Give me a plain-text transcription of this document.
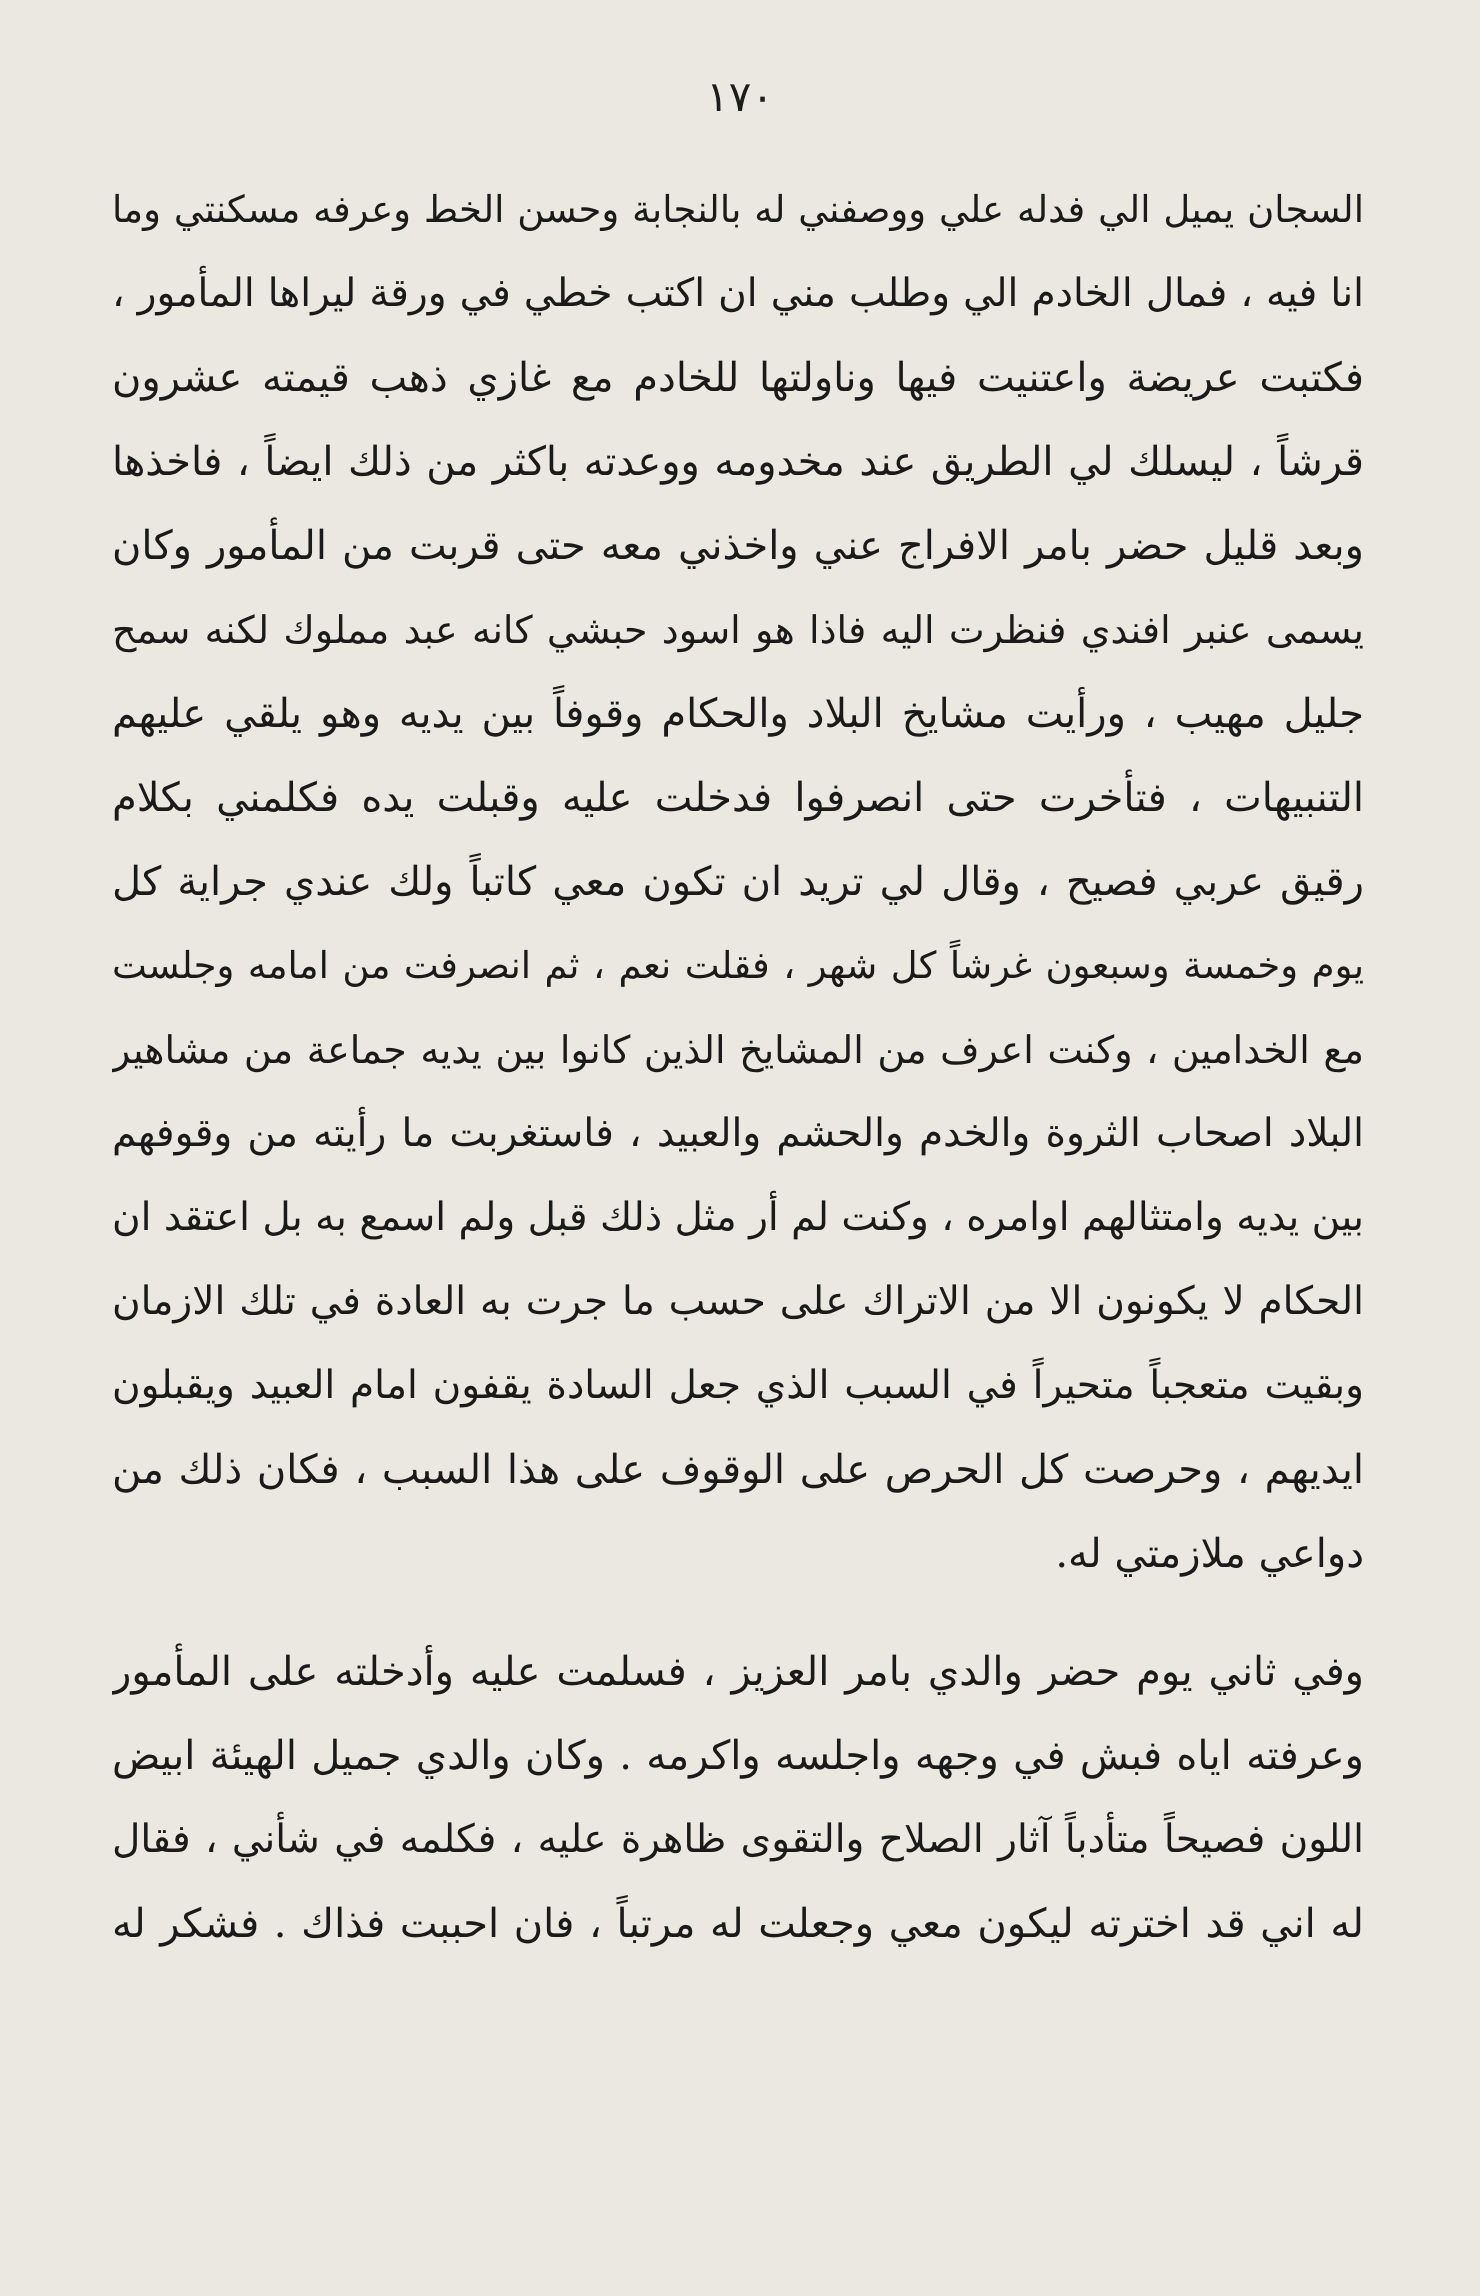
١٧٠
السجان يميل الي فدله علي ووصفني له بالنجابة وحسن الخط وعرفه مسكنتي وما
انا فيه ، فمال الخادم الي وطلب مني ان اكتب خطي في ورقة ليراها المأمور ،
فكتبت عريضة واعتنيت فيها وناولتها للخادم مع غازي ذهب قيمته عشرون
قرشاً ، ليسلك لي الطريق عند مخدومه ووعدته باكثر من ذلك ايضاً ، فاخذها
وبعد قليل حضر بامر الافراج عني واخذني معه حتى قربت من المأمور وكان
يسمى عنبر افندي فنظرت اليه فاذا هو اسود حبشي كانه عبد مملوك لكنه سمح
جليل مهيب ، ورأيت مشايخ البلاد والحكام وقوفاً بين يديه وهو يلقي عليهم
التنبيهات ، فتأخرت حتى انصرفوا فدخلت عليه وقبلت يده فكلمني بكلام
رقيق عربي فصيح ، وقال لي تريد ان تكون معي كاتباً ولك عندي جراية كل
يوم وخمسة وسبعون غرشاً كل شهر ، فقلت نعم ، ثم انصرفت من امامه وجلست
مع الخدامين ، وكنت اعرف من المشايخ الذين كانوا بين يديه جماعة من مشاهير
البلاد اصحاب الثروة والخدم والحشم والعبيد ، فاستغربت ما رأيته من وقوفهم
بين يديه وامتثالهم اوامره ، وكنت لم أر مثل ذلك قبل ولم اسمع به بل اعتقد ان
الحكام لا يكونون الا من الاتراك على حسب ما جرت به العادة في تلك الازمان
وبقيت متعجباً متحيراً في السبب الذي جعل السادة يقفون امام العبيد ويقبلون
ايديهم ، وحرصت كل الحرص على الوقوف على هذا السبب ، فكان ذلك من
دواعي ملازمتي له.
وفي ثاني يوم حضر والدي بامر العزيز ، فسلمت عليه وأدخلته على المأمور
وعرفته اياه فبش في وجهه واجلسه واكرمه . وكان والدي جميل الهيئة ابيض
اللون فصيحاً متأدباً آثار الصلاح والتقوى ظاهرة عليه ، فكلمه في شأني ، فقال
له اني قد اخترته ليكون معي وجعلت له مرتباً ، فان احببت فذاك . فشكر له
